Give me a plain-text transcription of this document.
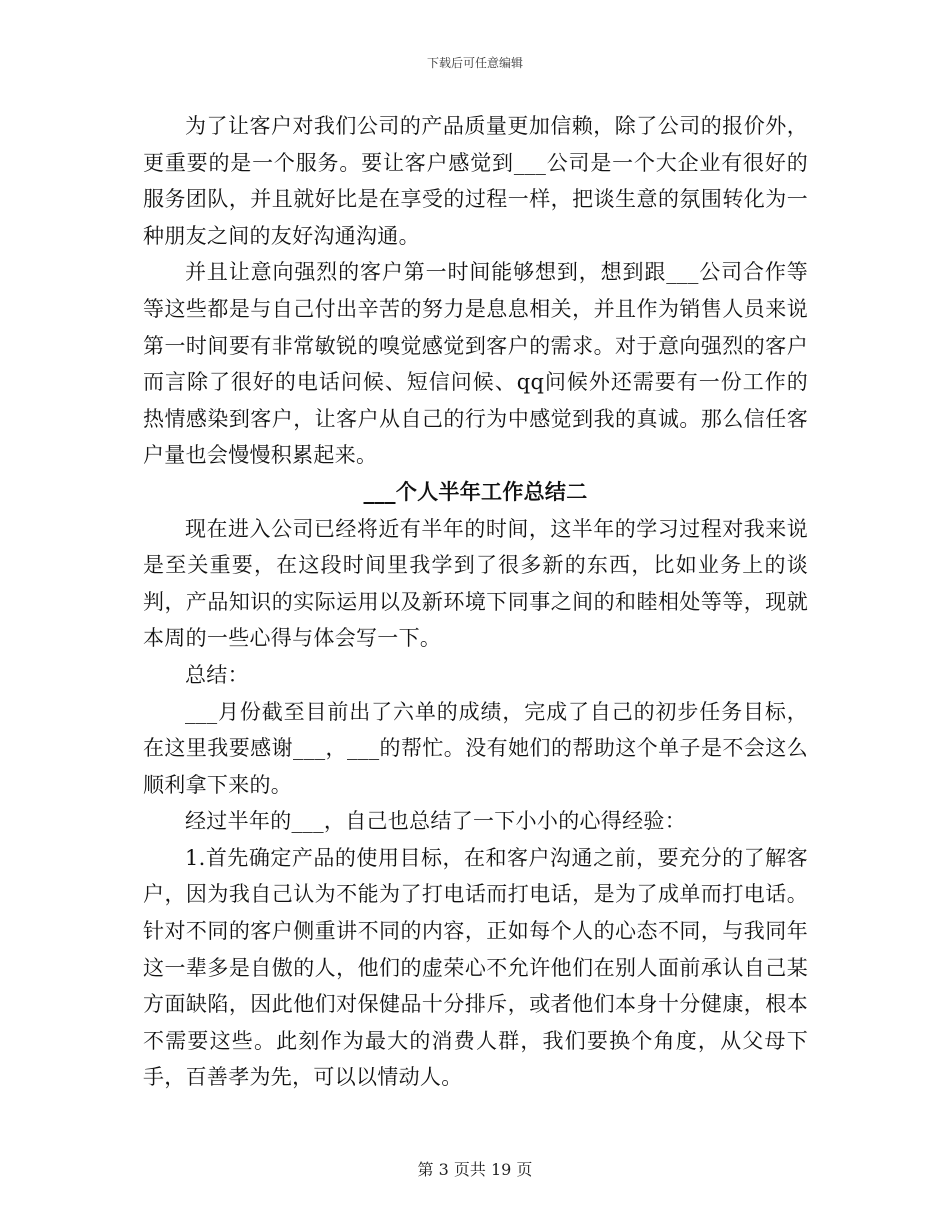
下载后可任意编辑

为了让客户对我们公司的产品质量更加信赖，除了公司的报价外，更重要的是一个服务。要让客户感觉到___公司是一个大企业有很好的服务团队，并且就好比是在享受的过程一样，把谈生意的氛围转化为一种朋友之间的友好沟通沟通。

并且让意向强烈的客户第一时间能够想到，想到跟___公司合作等等这些都是与自己付出辛苦的努力是息息相关，并且作为销售人员来说第一时间要有非常敏锐的嗅觉感觉到客户的需求。对于意向强烈的客户而言除了很好的电话问候、短信问候、qq问候外还需要有一份工作的热情感染到客户，让客户从自己的行为中感觉到我的真诚。那么信任客户量也会慢慢积累起来。

___个人半年工作总结二

现在进入公司已经将近有半年的时间，这半年的学习过程对我来说是至关重要，在这段时间里我学到了很多新的东西，比如业务上的谈判，产品知识的实际运用以及新环境下同事之间的和睦相处等等，现就本周的一些心得与体会写一下。

总结：

___月份截至目前出了六单的成绩，完成了自己的初步任务目标，在这里我要感谢___，___的帮忙。没有她们的帮助这个单子是不会这么顺利拿下来的。

经过半年的___，自己也总结了一下小小的心得经验：

1.首先确定产品的使用目标，在和客户沟通之前，要充分的了解客户，因为我自己认为不能为了打电话而打电话，是为了成单而打电话。针对不同的客户侧重讲不同的内容，正如每个人的心态不同，与我同年这一辈多是自傲的人，他们的虚荣心不允许他们在别人面前承认自己某方面缺陷，因此他们对保健品十分排斥，或者他们本身十分健康，根本不需要这些。此刻作为最大的消费人群，我们要换个角度，从父母下手，百善孝为先，可以以情动人。

第 3 页共 19 页
